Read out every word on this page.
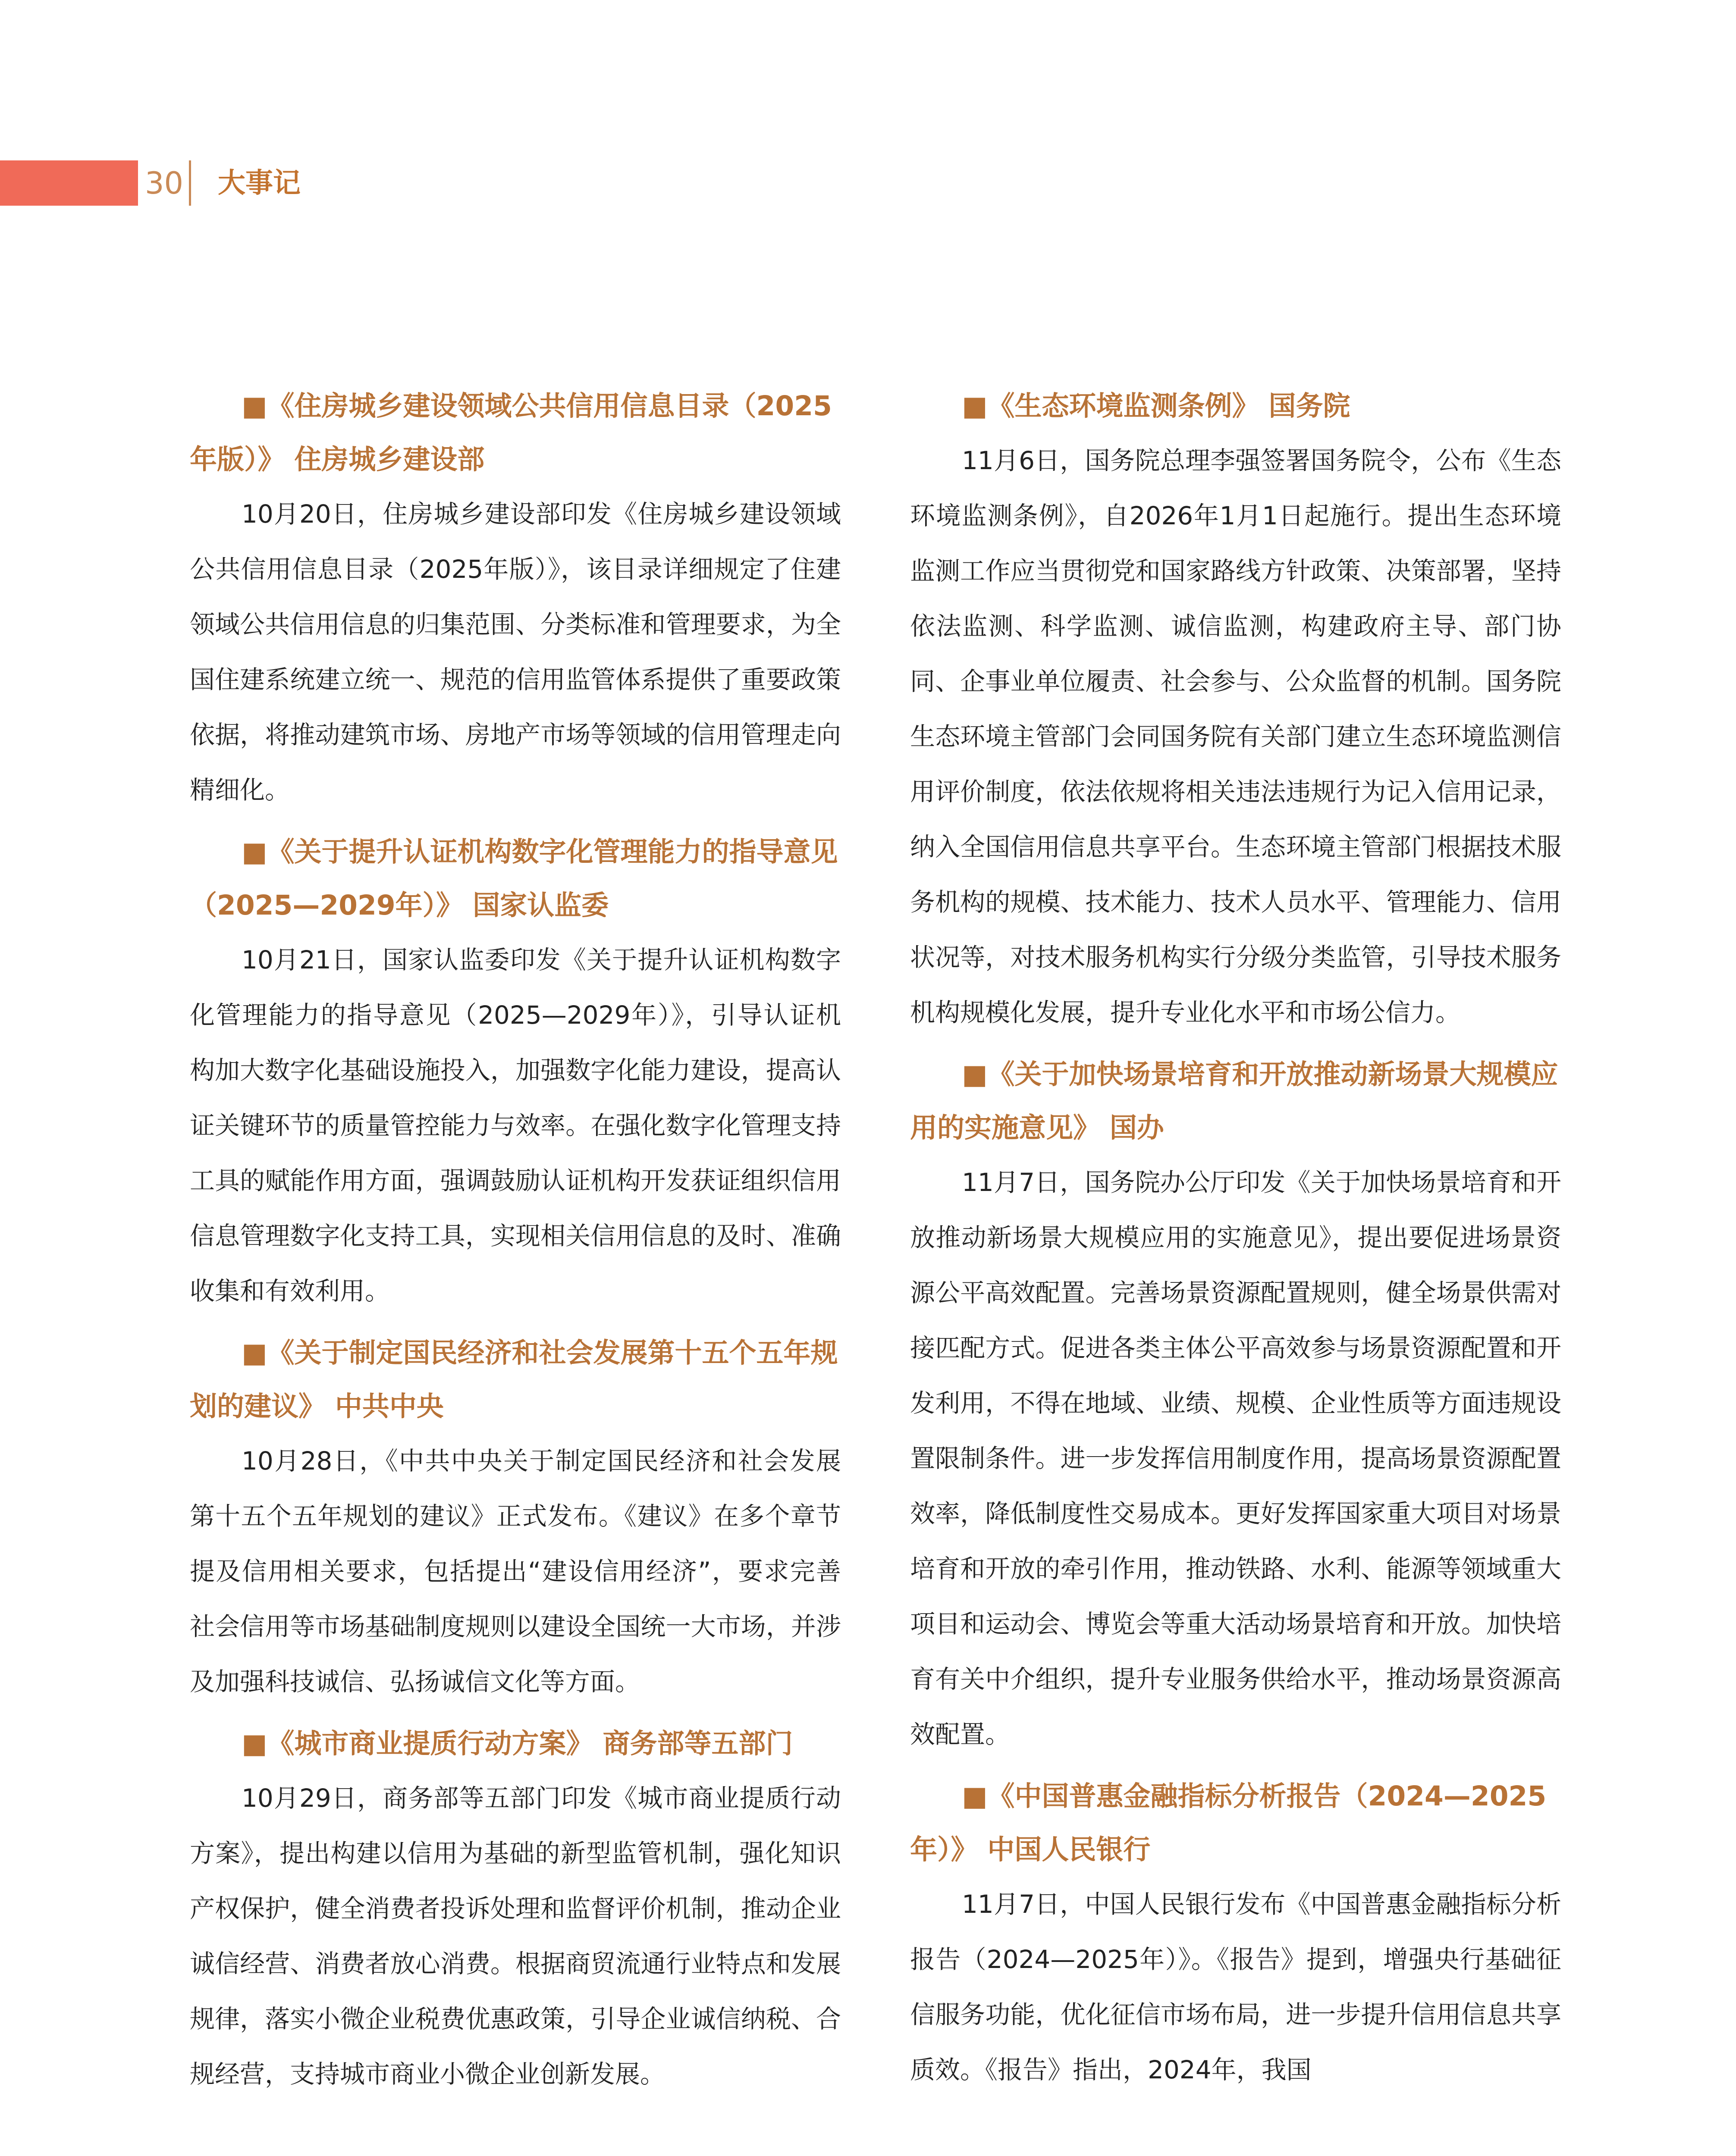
30 大事记

■《住房城乡建设领域公共信用信息目录（2025年版）》 住房城乡建设部

10月20日，住房城乡建设部印发《住房城乡建设领域公共信用信息目录（2025年版）》，该目录详细规定了住建领域公共信用信息的归集范围、分类标准和管理要求，为全国住建系统建立统一、规范的信用监管体系提供了重要政策依据，将推动建筑市场、房地产市场等领域的信用管理走向精细化。

■《关于提升认证机构数字化管理能力的指导意见（2025—2029年）》 国家认监委

10月21日，国家认监委印发《关于提升认证机构数字化管理能力的指导意见（2025—2029年）》，引导认证机构加大数字化基础设施投入，加强数字化能力建设，提高认证关键环节的质量管控能力与效率。在强化数字化管理支持工具的赋能作用方面，强调鼓励认证机构开发获证组织信用信息管理数字化支持工具，实现相关信用信息的及时、准确收集和有效利用。

■《关于制定国民经济和社会发展第十五个五年规划的建议》 中共中央

10月28日，《中共中央关于制定国民经济和社会发展第十五个五年规划的建议》正式发布。《建议》在多个章节提及信用相关要求，包括提出“建设信用经济”，要求完善社会信用等市场基础制度规则以建设全国统一大市场，并涉及加强科技诚信、弘扬诚信文化等方面。

■《城市商业提质行动方案》 商务部等五部门

10月29日，商务部等五部门印发《城市商业提质行动方案》，提出构建以信用为基础的新型监管机制，强化知识产权保护，健全消费者投诉处理和监督评价机制，推动企业诚信经营、消费者放心消费。根据商贸流通行业特点和发展规律，落实小微企业税费优惠政策，引导企业诚信纳税、合规经营，支持城市商业小微企业创新发展。

■《生态环境监测条例》 国务院

11月6日，国务院总理李强签署国务院令，公布《生态环境监测条例》，自2026年1月1日起施行。提出生态环境监测工作应当贯彻党和国家路线方针政策、决策部署，坚持依法监测、科学监测、诚信监测，构建政府主导、部门协同、企事业单位履责、社会参与、公众监督的机制。国务院生态环境主管部门会同国务院有关部门建立生态环境监测信用评价制度，依法依规将相关违法违规行为记入信用记录，纳入全国信用信息共享平台。生态环境主管部门根据技术服务机构的规模、技术能力、技术人员水平、管理能力、信用状况等，对技术服务机构实行分级分类监管，引导技术服务机构规模化发展，提升专业化水平和市场公信力。

■《关于加快场景培育和开放推动新场景大规模应用的实施意见》 国办

11月7日，国务院办公厅印发《关于加快场景培育和开放推动新场景大规模应用的实施意见》，提出要促进场景资源公平高效配置。完善场景资源配置规则，健全场景供需对接匹配方式。促进各类主体公平高效参与场景资源配置和开发利用，不得在地域、业绩、规模、企业性质等方面违规设置限制条件。进一步发挥信用制度作用，提高场景资源配置效率，降低制度性交易成本。更好发挥国家重大项目对场景培育和开放的牵引作用，推动铁路、水利、能源等领域重大项目和运动会、博览会等重大活动场景培育和开放。加快培育有关中介组织，提升专业服务供给水平，推动场景资源高效配置。

■《中国普惠金融指标分析报告（2024—2025年）》 中国人民银行

11月7日，中国人民银行发布《中国普惠金融指标分析报告（2024—2025年）》。《报告》提到，增强央行基础征信服务功能，优化征信市场布局，进一步提升信用信息共享质效。《报告》指出，2024年，我国
